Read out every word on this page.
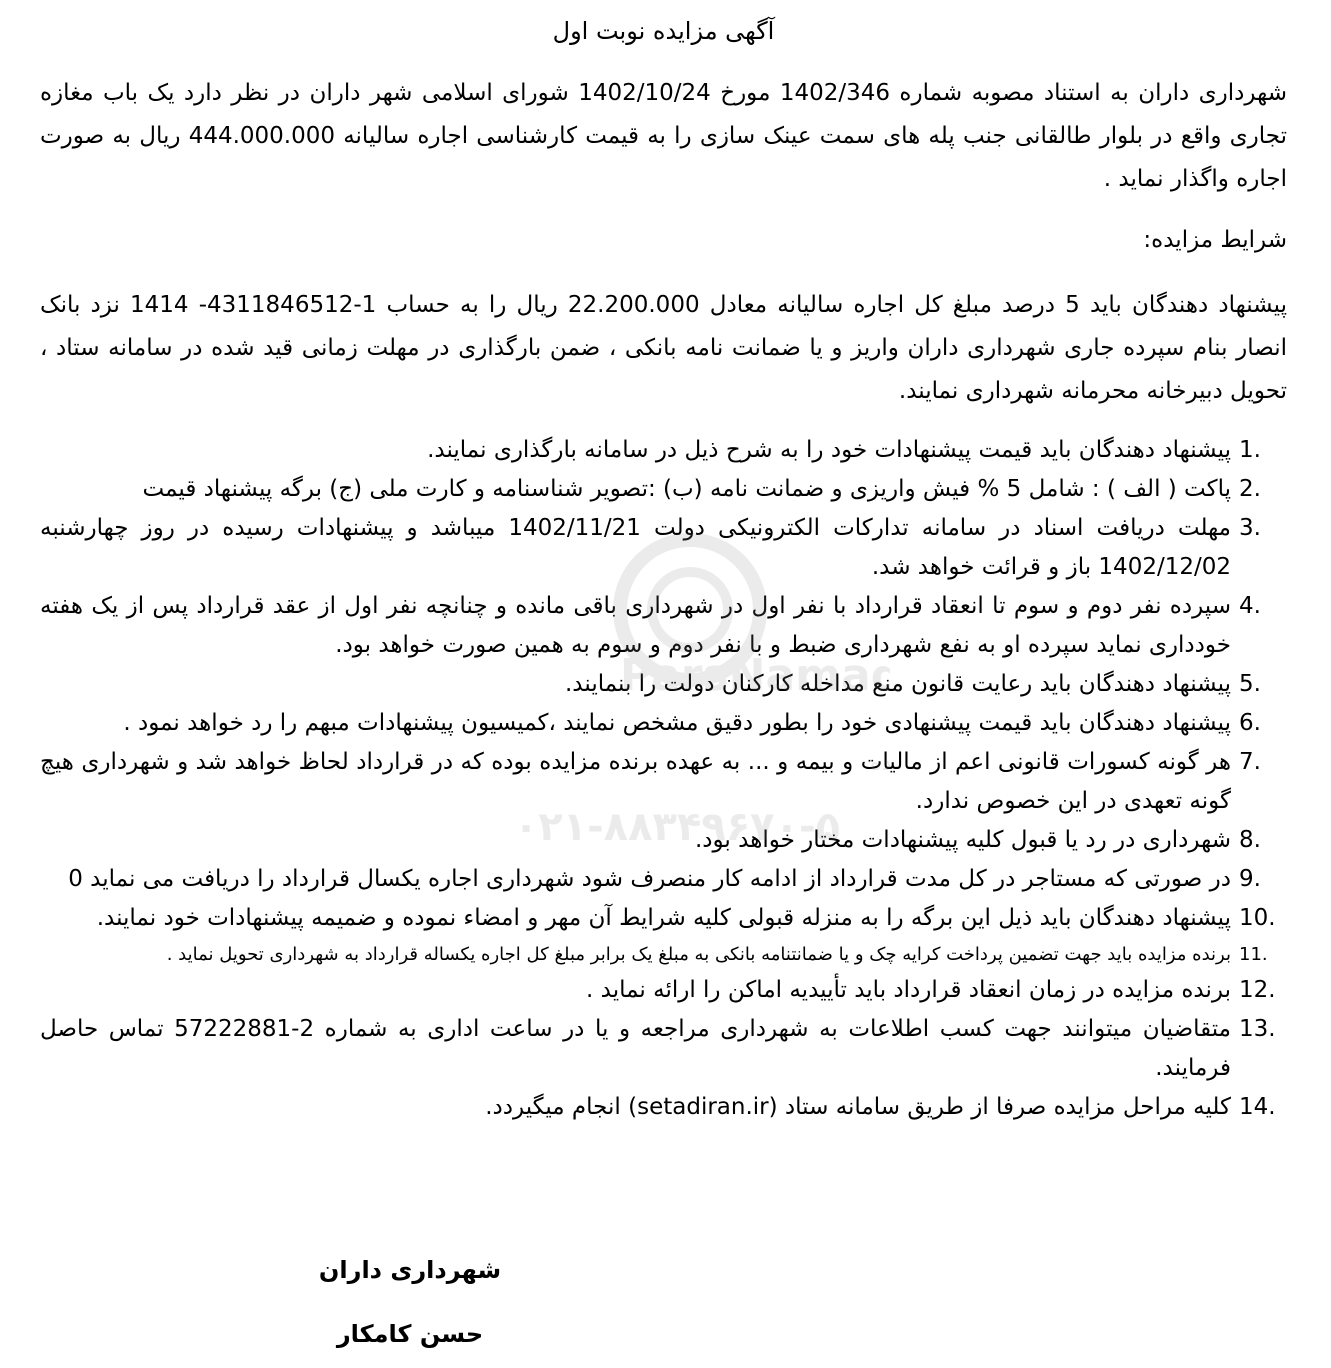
آگهی مزایده نوبت اول

شهرداری داران به استناد مصوبه شماره 1402/346 مورخ 1402/10/24 شورای اسلامی شهر داران در نظر دارد یک باب مغازه تجاری واقع در بلوار طالقانی جنب پله های سمت عینک سازی را به قیمت کارشناسی اجاره سالیانه 444.000.000 ریال به صورت اجاره واگذار نماید .

شرایط مزایده:

پیشنهاد دهندگان باید 5 درصد مبلغ کل اجاره سالیانه معادل 22.200.000 ریال را به حساب 1-4311846512- 1414 نزد بانک انصار بنام سپرده جاری شهرداری داران واریز و یا ضمانت نامه بانکی ، ضمن بارگذاری در مهلت زمانی قید شده در سامانه ستاد ، تحویل دبیرخانه محرمانه شهرداری نمایند.

1 .
پیشنهاد دهندگان باید قیمت پیشنهادات خود را به شرح ذیل در سامانه بارگذاری نمایند.
2 .
پاکت ( الف ) : شامل 5 % فیش واریزی و ضمانت نامه (ب) :تصویر شناسنامه و کارت ملی (ج) برگه پیشنهاد قیمت
3 .
مهلت دریافت اسناد در سامانه تدارکات الکترونیکی دولت 1402/11/21 میباشد و پیشنهادات رسیده در روز چهارشنبه 1402/12/02 باز و قرائت خواهد شد.
4 .
سپرده نفر دوم و سوم تا انعقاد قرارداد با نفر اول در شهرداری باقی مانده و چنانچه نفر اول از عقد قرارداد پس از یک هفته خودداری نماید سپرده او به نفع شهرداری ضبط و با نفر دوم و سوم به همین صورت خواهد بود.
5 .
پیشنهاد دهندگان باید رعایت قانون منع مداخله کارکنان دولت را بنمایند.
6 .
پیشنهاد دهندگان باید قیمت پیشنهادی خود را بطور دقیق مشخص نمایند ،کمیسیون پیشنهادات مبهم را رد خواهد نمود .
7 .
هر گونه کسورات قانونی اعم از مالیات و بیمه و ... به عهده برنده مزایده بوده که در قرارداد لحاظ خواهد شد و شهرداری هیچ گونه تعهدی در این خصوص ندارد.
8 .
شهرداری در رد یا قبول کلیه پیشنهادات مختار خواهد بود.
9 .
در صورتی که مستاجر در کل مدت قرارداد از ادامه کار منصرف شود شهرداری اجاره یکسال قرارداد را دریافت می نماید 0
10 .
پیشنهاد دهندگان باید ذیل این برگه را به منزله قبولی کلیه شرایط آن مهر و امضاء نموده و ضمیمه پیشنهادات خود نمایند.
11 .
برنده مزایده باید جهت تضمین پرداخت کرایه چک و یا ضمانتنامه بانکی به مبلغ یک برابر مبلغ کل اجاره یکساله قرارداد به شهرداری تحویل نماید .
12 .
برنده مزایده در زمان انعقاد قرارداد باید تأییدیه اماکن را ارائه نماید .
13 .
متقاضیان میتوانند جهت کسب اطلاعات به شهرداری مراجعه و یا در ساعت اداری به شماره 2-57222881 تماس حاصل فرمایند.
14 .
کلیه مراحل مزایده صرفا از طریق سامانه ستاد (setadiran.ir) انجام میگیردد.
شهرداری داران
حسن کامکار
ParsNamad
ده
۰۲۱-۸۸۳۴۹۶۷۰-۵
